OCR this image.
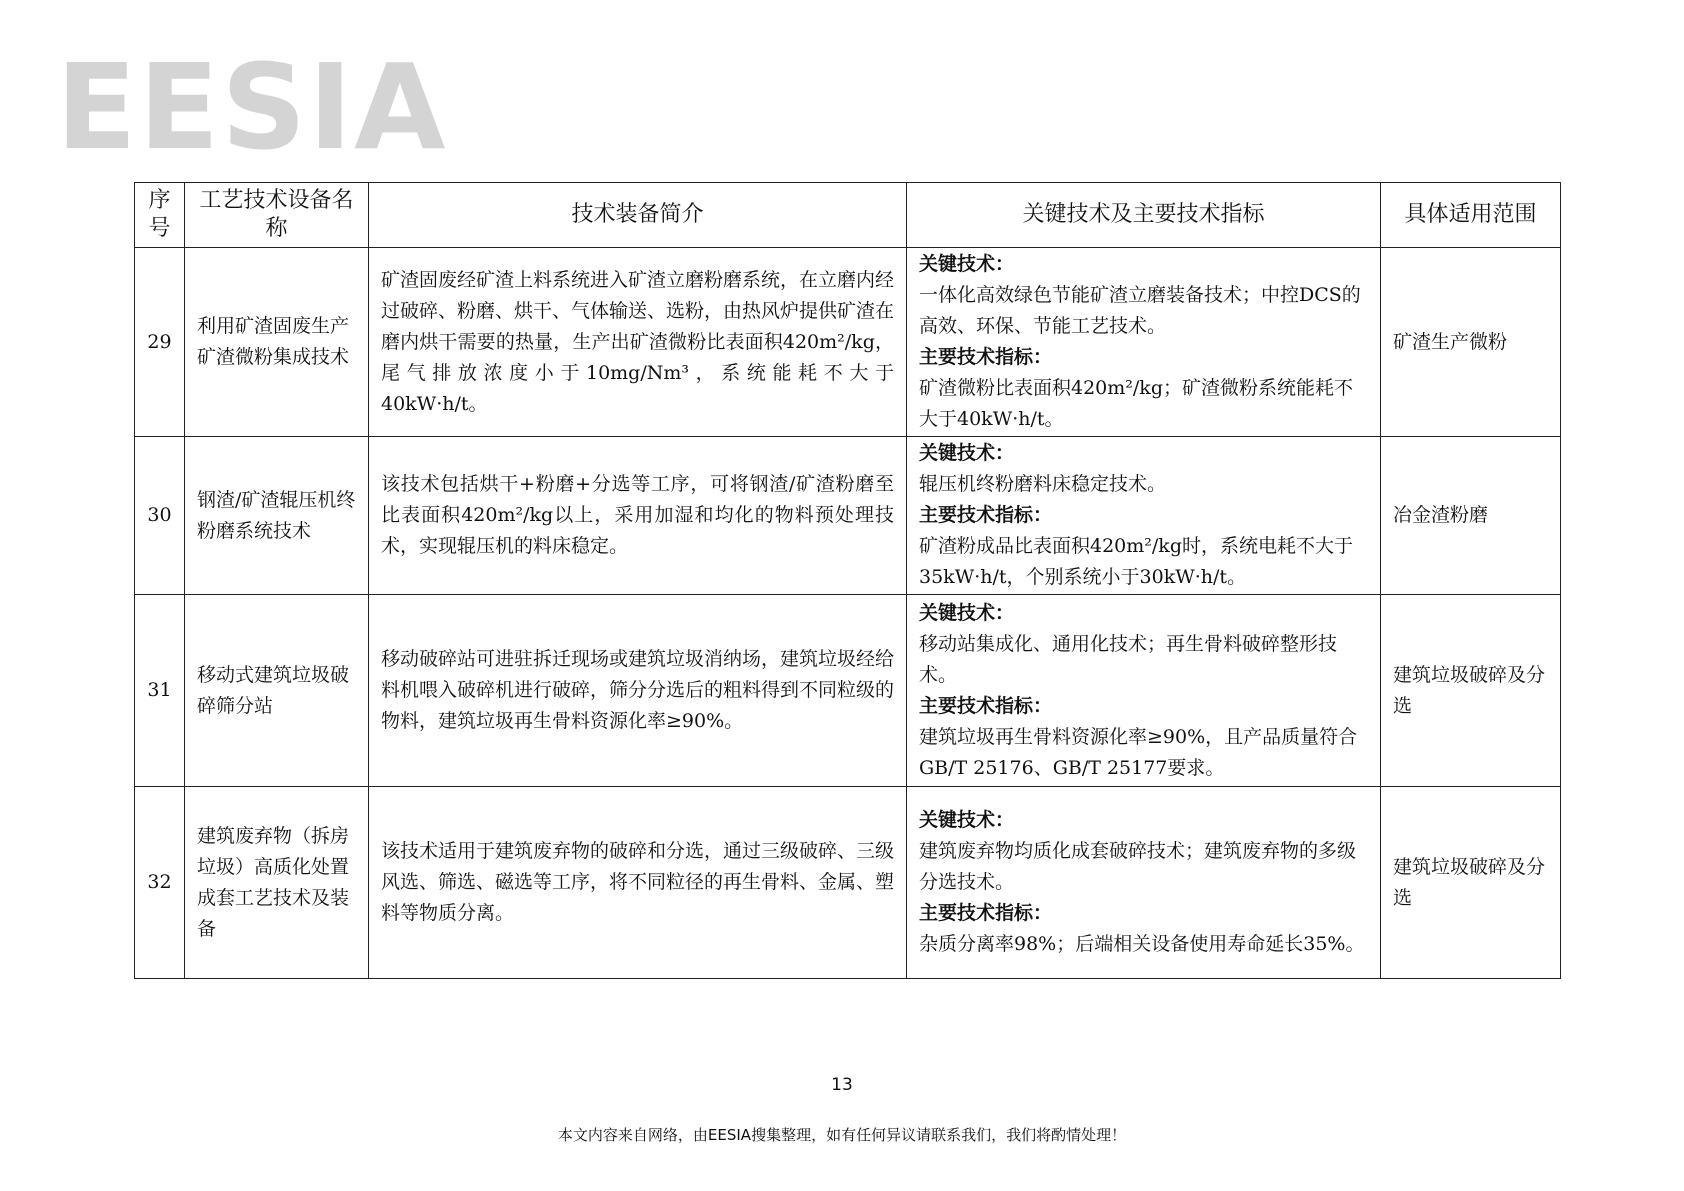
EESIA
序号	工艺技术设备名称	技术装备简介	关键技术及主要技术指标	具体适用范围
29	利用矿渣固废生产矿渣微粉集成技术	矿渣固废经矿渣上料系统进入矿渣立磨粉磨系统，在立磨内经过破碎、粉磨、烘干、气体输送、选粉，由热风炉提供矿渣在磨内烘干需要的热量，生产出矿渣微粉比表面积420m²/kg，尾气排放浓度小于10mg/Nm³，系统能耗不大于40kW·h/t。	关键技术：
一体化高效绿色节能矿渣立磨装备技术；中控DCS的高效、环保、节能工艺技术。
主要技术指标：
矿渣微粉比表面积420m²/kg；矿渣微粉系统能耗不大于40kW·h/t。	矿渣生产微粉
30	钢渣/矿渣辊压机终粉磨系统技术	该技术包括烘干+粉磨+分选等工序，可将钢渣/矿渣粉磨至比表面积420m²/kg以上，采用加湿和均化的物料预处理技术，实现辊压机的料床稳定。	关键技术：
辊压机终粉磨料床稳定技术。
主要技术指标：
矿渣粉成品比表面积420m²/kg时，系统电耗不大于35kW·h/t，个别系统小于30kW·h/t。	冶金渣粉磨
31	移动式建筑垃圾破碎筛分站	移动破碎站可进驻拆迁现场或建筑垃圾消纳场，建筑垃圾经给料机喂入破碎机进行破碎，筛分分选后的粗料得到不同粒级的物料，建筑垃圾再生骨料资源化率≥90%。	关键技术：
移动站集成化、通用化技术；再生骨料破碎整形技术。
主要技术指标：
建筑垃圾再生骨料资源化率≥90%，且产品质量符合GB/T 25176、GB/T 25177要求。	建筑垃圾破碎及分选
32	建筑废弃物（拆房垃圾）高质化处置成套工艺技术及装备	该技术适用于建筑废弃物的破碎和分选，通过三级破碎、三级风选、筛选、磁选等工序，将不同粒径的再生骨料、金属、塑料等物质分离。	关键技术：
建筑废弃物均质化成套破碎技术；建筑废弃物的多级分选技术。
主要技术指标：
杂质分离率98%；后端相关设备使用寿命延长35%。	建筑垃圾破碎及分选
13
本文内容来自网络，由EESIA搜集整理，如有任何异议请联系我们，我们将酌情处理！
